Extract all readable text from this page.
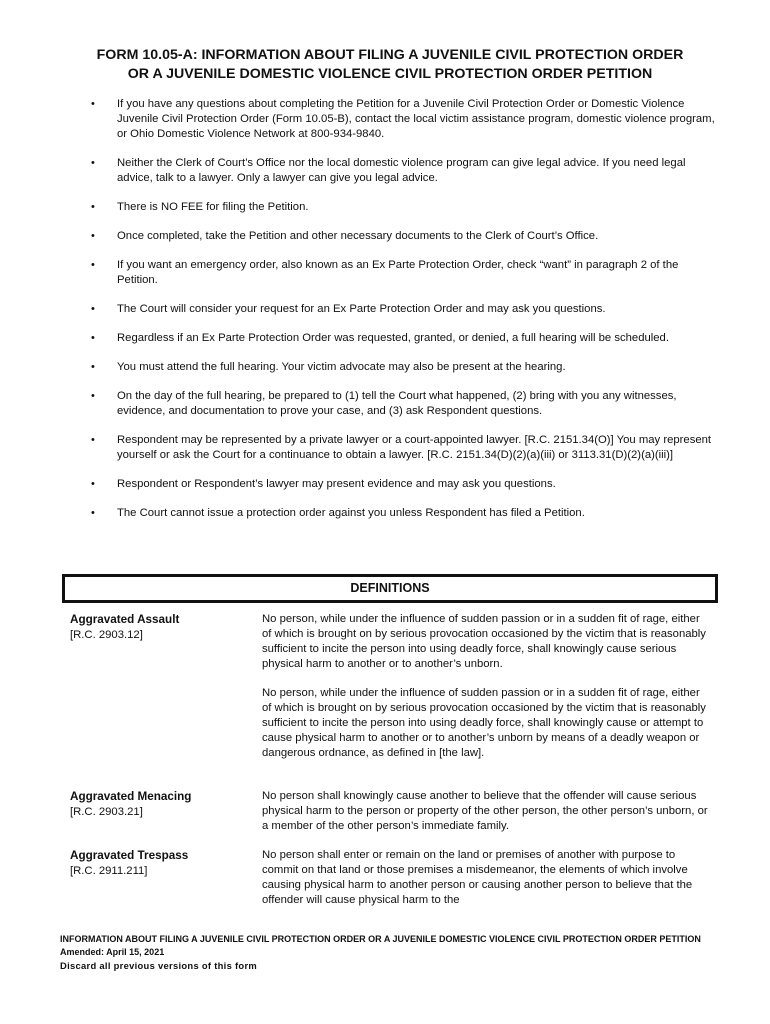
FORM 10.05-A: INFORMATION ABOUT FILING A JUVENILE CIVIL PROTECTION ORDER
OR A JUVENILE DOMESTIC VIOLENCE CIVIL PROTECTION ORDER PETITION
• If you have any questions about completing the Petition for a Juvenile Civil Protection Order or Domestic Violence Juvenile Civil Protection Order (Form 10.05-B), contact the local victim assistance program, domestic violence program, or Ohio Domestic Violence Network at 800-934-9840.
• Neither the Clerk of Court’s Office nor the local domestic violence program can give legal advice. If you need legal advice, talk to a lawyer. Only a lawyer can give you legal advice.
• There is NO FEE for filing the Petition.
• Once completed, take the Petition and other necessary documents to the Clerk of Court’s Office.
• If you want an emergency order, also known as an Ex Parte Protection Order, check “want” in paragraph 2 of the Petition.
• The Court will consider your request for an Ex Parte Protection Order and may ask you questions.
• Regardless if an Ex Parte Protection Order was requested, granted, or denied, a full hearing will be scheduled.
• You must attend the full hearing. Your victim advocate may also be present at the hearing.
• On the day of the full hearing, be prepared to (1) tell the Court what happened, (2) bring with you any witnesses, evidence, and documentation to prove your case, and (3) ask Respondent questions.
• Respondent may be represented by a private lawyer or a court-appointed lawyer. [R.C. 2151.34(O)] You may represent yourself or ask the Court for a continuance to obtain a lawyer. [R.C. 2151.34(D)(2)(a)(iii) or 3113.31(D)(2)(a)(iii)]
• Respondent or Respondent’s lawyer may present evidence and may ask you questions.
• The Court cannot issue a protection order against you unless Respondent has filed a Petition.
DEFINITIONS
Aggravated Assault
[R.C. 2903.12]

No person, while under the influence of sudden passion or in a sudden fit of rage, either of which is brought on by serious provocation occasioned by the victim that is reasonably sufficient to incite the person into using deadly force, shall knowingly cause serious physical harm to another or to another’s unborn.

No person, while under the influence of sudden passion or in a sudden fit of rage, either of which is brought on by serious provocation occasioned by the victim that is reasonably sufficient to incite the person into using deadly force, shall knowingly cause or attempt to cause physical harm to another or to another’s unborn by means of a deadly weapon or dangerous ordnance, as defined in [the law].

Aggravated Menacing
[R.C. 2903.21]

No person shall knowingly cause another to believe that the offender will cause serious physical harm to the person or property of the other person, the other person’s unborn, or a member of the other person’s immediate family.

Aggravated Trespass
[R.C. 2911.211]

No person shall enter or remain on the land or premises of another with purpose to commit on that land or those premises a misdemeanor, the elements of which involve causing physical harm to another person or causing another person to believe that the offender will cause physical harm to the

INFORMATION ABOUT FILING A JUVENILE CIVIL PROTECTION ORDER OR A JUVENILE DOMESTIC VIOLENCE CIVIL PROTECTION ORDER PETITION
Amended: April 15, 2021
Discard all previous versions of this form
